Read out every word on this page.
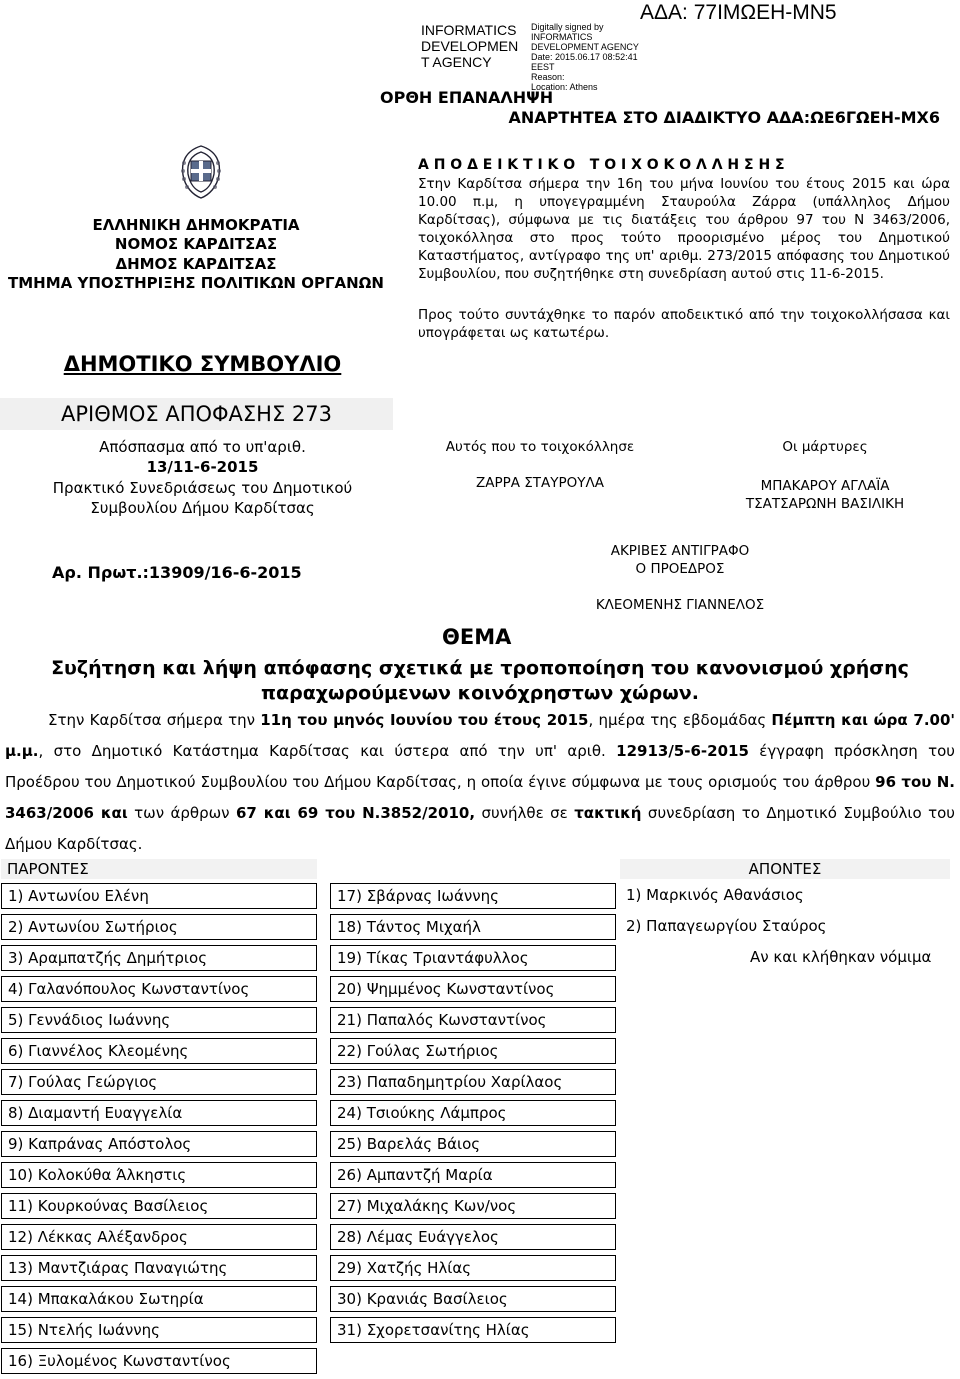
INFORMATICS
DEVELOPMEN
T AGENCY
Digitally signed by
INFORMATICS
DEVELOPMENT AGENCY
Date: 2015.06.17 08:52:41
EEST
Reason:
Location: Athens
ΑΔΑ: 77ΙΜΩΕΗ-ΜΝ5
ΟΡΘΗ ΕΠΑΝΑΛΗΨΗ
ΑΝΑΡΤΗΤΕΑ ΣΤΟ ΔΙΑΔΙΚΤΥΟ ΑΔΑ:ΩΕ6ΓΩΕΗ-ΜΧ6
ΕΛΛΗΝΙΚΗ ΔΗΜΟΚΡΑΤΙΑ
ΝΟΜΟΣ ΚΑΡΔΙΤΣΑΣ
ΔΗΜΟΣ ΚΑΡΔΙΤΣΑΣ
ΤΜΗΜΑ ΥΠΟΣΤΗΡΙΞΗΣ ΠΟΛΙΤΙΚΩΝ ΟΡΓΑΝΩΝ
ΔΗΜΟΤΙΚΟ ΣΥΜΒΟΥΛΙΟ
ΑΡΙΘΜΟΣ ΑΠΟΦΑΣΗΣ 273
Απόσπασμα από το υπ'αριθ.
13/11-6-2015
Πρακτικό Συνεδριάσεως του Δημοτικού
Συμβουλίου Δήμου Καρδίτσας
Αρ. Πρωτ.:13909/16-6-2015
Α Π Ο Δ Ε Ι Κ Τ Ι Κ Ο   Τ Ο Ι Χ Ο Κ Ο Λ Λ Η Σ Η Σ
Στην Καρδίτσα σήμερα την 16η του μήνα Ιουνίου του έτους 2015 και ώρα 10.00 π.μ, η υπογεγραμμένη Σταυρούλα Ζάρρα (υπάλληλος Δήμου Καρδίτσας), σύμφωνα με τις διατάξεις του άρθρου 97 του Ν 3463/2006, τοιχοκόλλησα στο προς τούτο προορισμένο μέρος του Δημοτικού Καταστήματος, αντίγραφο της υπ' αριθμ. 273/2015 απόφασης του Δημοτικού Συμβουλίου, που συζητήθηκε στη συνεδρίαση αυτού στις 11-6-2015.
Προς τούτο συντάχθηκε το παρόν αποδεικτικό από την τοιχοκολλήσασα και υπογράφεται ως κατωτέρω.
Αυτός που το τοιχοκόλλησε
ΖΑΡΡΑ ΣΤΑΥΡΟΥΛΑ
Οι μάρτυρες
ΜΠΑΚΑΡΟΥ ΑΓΛΑΪΑ
ΤΣΑΤΣΑΡΩΝΗ ΒΑΣΙΛΙΚΗ
ΑΚΡΙΒΕΣ ΑΝΤΙΓΡΑΦΟ
Ο ΠΡΟΕΔΡΟΣ
ΚΛΕΟΜΕΝΗΣ ΓΙΑΝΝΕΛΟΣ
ΘΕΜΑ
Συζήτηση και λήψη απόφασης σχετικά με τροποποίηση του κανονισμού χρήσης
παραχωρούμενων κοινόχρηστων χώρων.
Στην Καρδίτσα σήμερα την 11η του μηνός Ιουνίου του έτους 2015, ημέρα της εβδομάδας Πέμπτη και ώρα 7.00' μ.μ., στο Δημοτικό Κατάστημα Καρδίτσας και ύστερα από την υπ' αριθ. 12913/5-6-2015 έγγραφη πρόσκληση του Προέδρου του Δημοτικού Συμβουλίου του Δήμου Καρδίτσας, η οποία έγινε σύμφωνα με τους ορισμούς του άρθρου 96 του Ν. 3463/2006 και των άρθρων 67 και 69 του Ν.3852/2010, συνήλθε σε τακτική συνεδρίαση το Δημοτικό Συμβούλιο του Δήμου Καρδίτσας.
ΠΑΡΟΝΤΕΣ	ΑΠΟΝΤΕΣ
1) Αντωνίου Ελένη
2) Αντωνίου Σωτήριος
3) Αραμπατζής Δημήτριος
4) Γαλανόπουλος Κωνσταντίνος
5) Γεννάδιος Ιωάννης
6) Γιαννέλος Κλεομένης
7) Γούλας Γεώργιος
8) Διαμαντή Ευαγγελία
9) Καπράνας Απόστολος
10) Κολοκύθα Άλκηστις
11) Κουρκούνας Βασίλειος
12) Λέκκας Αλέξανδρος
13) Μαντζιάρας Παναγιώτης
14) Μπακαλάκου Σωτηρία
15) Ντελής Ιωάννης
16) Ξυλομένος Κωνσταντίνος
17) Σβάρνας Ιωάννης
18) Τάντος Μιχαήλ
19) Τίκας Τριαντάφυλλος
20) Ψημμένος Κωνσταντίνος
21) Παπαλός Κωνσταντίνος
22) Γούλας Σωτήριος
23) Παπαδημητρίου Χαρίλαος
24) Τσιούκης Λάμπρος
25) Βαρελάς Βάιος
26) Αμπαντζή Μαρία
27) Μιχαλάκης Κων/νος
28) Λέμας Ευάγγελος
29) Χατζής Ηλίας
30) Κρανιάς Βασίλειος
31) Σχορετσανίτης Ηλίας
1) Μαρκινός Αθανάσιος
2) Παπαγεωργίου Σταύρος
Αν και κλήθηκαν νόμιμα
